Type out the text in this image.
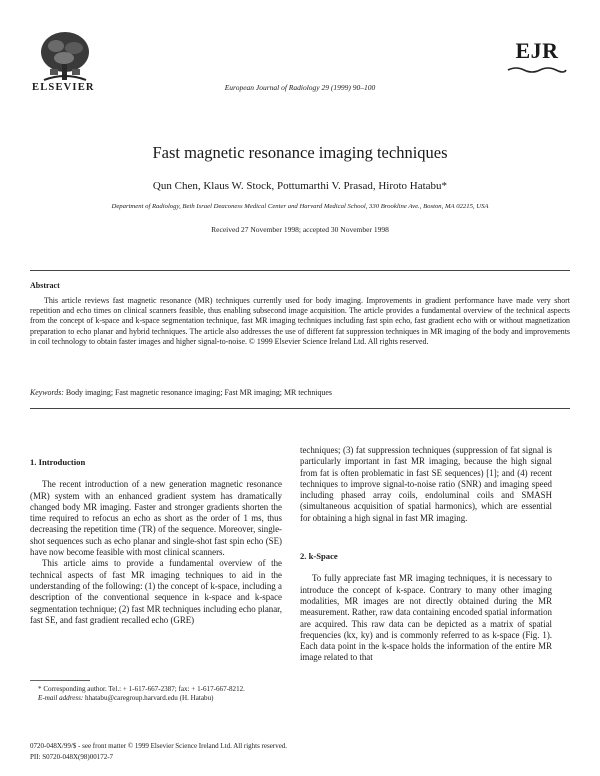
ELSEVIER	European Journal of Radiology 29 (1999) 90–100
EJR
Fast magnetic resonance imaging techniques
Qun Chen, Klaus W. Stock, Pottumarthi V. Prasad, Hiroto Hatabu*
Department of Radiology, Beth Israel Deaconess Medical Center and Harvard Medical School, 330 Brookline Ave., Boston, MA 02215, USA
Received 27 November 1998; accepted 30 November 1998
Abstract
This article reviews fast magnetic resonance (MR) techniques currently used for body imaging. Improvements in gradient performance have made very short repetition and echo times on clinical scanners feasible, thus enabling subsecond image acquisition. The article provides a fundamental overview of the technical aspects from the concept of k-space and k-space segmentation technique, fast MR imaging techniques including fast spin echo, fast gradient echo with or without magnetization preparation to echo planar and hybrid techniques. The article also addresses the use of different fat suppression techniques in MR imaging of the body and improvements in coil technology to obtain faster images and higher signal-to-noise. © 1999 Elsevier Science Ireland Ltd. All rights reserved.
Keywords: Body imaging; Fast magnetic resonance imaging; Fast MR imaging; MR techniques
1. Introduction

The recent introduction of a new generation magnetic resonance (MR) system with an enhanced gradient system has dramatically changed body MR imaging. Faster and stronger gradients shorten the time required to refocus an echo as short as the order of 1 ms, thus decreasing the repetition time (TR) of the sequence. Moreover, single-shot sequences such as echo planar and single-shot fast spin echo (SE) have now become feasible with most clinical scanners.

This article aims to provide a fundamental overview of the technical aspects of fast MR imaging techniques to aid in the understanding of the following: (1) the concept of k-space, including a description of the conventional sequence in k-space and k-space segmentation technique; (2) fast MR techniques including echo planar, fast SE, and fast gradient recalled echo (GRE)

* Corresponding author. Tel.: + 1-617-667-2387; fax: + 1-617-667-8212.

E-mail address: hhatabu@caregroup.harvard.edu (H. Hatabu)

techniques; (3) fat suppression techniques (suppression of fat signal is particularly important in fast MR imaging, because the high signal from fat is often problematic in fast SE sequences) [1]; and (4) recent techniques to improve signal-to-noise ratio (SNR) and imaging speed including phased array coils, endoluminal coils and SMASH (simultaneous acquisition of spatial harmonics), which are essential for obtaining a high signal in fast MR imaging.

2. k-Space

To fully appreciate fast MR imaging techniques, it is necessary to introduce the concept of k-space. Contrary to many other imaging modalities, MR images are not directly obtained during the MR measurement. Rather, raw data containing encoded spatial information are acquired. This raw data can be depicted as a matrix of spatial frequencies (kx, ky) and is commonly referred to as k-space (Fig. 1). Each data point in the k-space holds the information of the entire MR image related to that

0720-048X/99/$ - see front matter © 1999 Elsevier Science Ireland Ltd. All rights reserved.
PII: S0720-048X(98)00172-7
